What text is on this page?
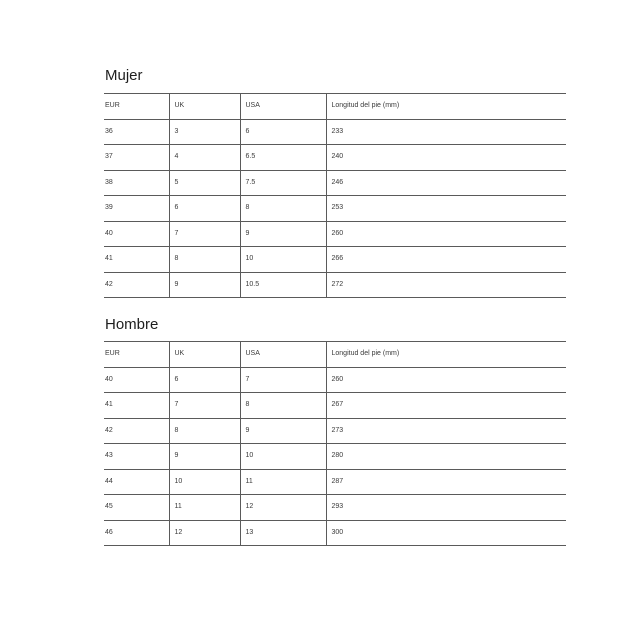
Mujer
EUR	UK	USA	Longitud del pie (mm)
36	3	6	233
37	4	6.5	240
38	5	7.5	246
39	6	8	253
40	7	9	260
41	8	10	266
42	9	10.5	272
Hombre
EUR	UK	USA	Longitud del pie (mm)
40	6	7	260
41	7	8	267
42	8	9	273
43	9	10	280
44	10	11	287
45	11	12	293
46	12	13	300
